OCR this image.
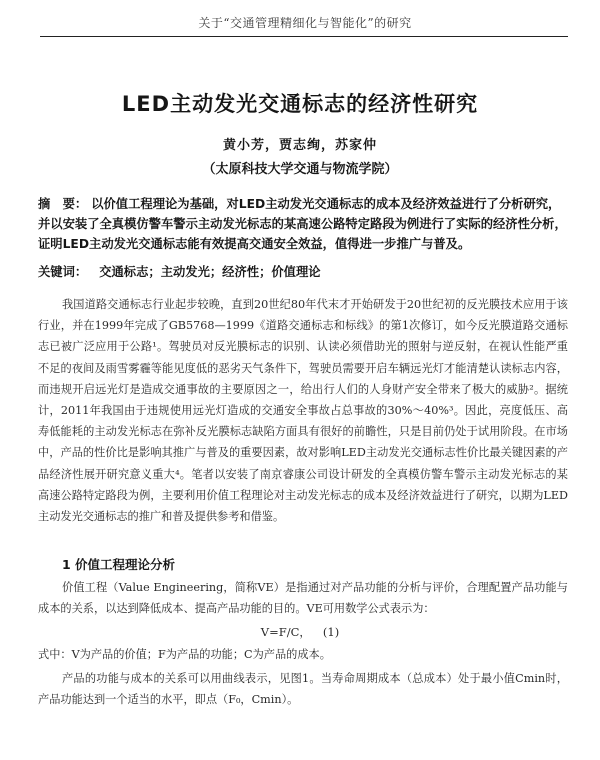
关于“交通管理精细化与智能化”的研究
LED主动发光交通标志的经济性研究
黄小芳，贾志绚，苏家仲
（太原科技大学交通与物流学院）
摘　要： 以价值工程理论为基础，对LED主动发光交通标志的成本及经济效益进行了分析研究，并以安装了全真模仿警车警示主动发光标志的某高速公路特定路段为例进行了实际的经济性分析，证明LED主动发光交通标志能有效提高交通安全效益，值得进一步推广与普及。
关键词： 交通标志；主动发光；经济性；价值理论
我国道路交通标志行业起步较晚，直到20世纪80年代末才开始研发于20世纪初的反光膜技术应用于该行业，并在1999年完成了GB5768—1999《道路交通标志和标线》的第1次修订，如今反光膜道路交通标志已被广泛应用于公路¹。驾驶员对反光膜标志的识别、认读必须借助光的照射与逆反射，在视认性能严重不足的夜间及雨雪雾霾等能见度低的恶劣天气条件下，驾驶员需要开启车辆远光灯才能清楚认读标志内容，而违规开启远光灯是造成交通事故的主要原因之一，给出行人们的人身财产安全带来了极大的威胁²。据统计，2011年我国由于违规使用远光灯造成的交通安全事故占总事故的30%～40%³。因此，亮度低压、高寿低能耗的主动发光标志在弥补反光膜标志缺陷方面具有很好的前瞻性，只是目前仍处于试用阶段。在市场中，产品的性价比是影响其推广与普及的重要因素，故对影响LED主动发光交通标志性价比最关键因素的产品经济性展开研究意义重大⁴。笔者以安装了南京睿康公司设计研发的全真模仿警车警示主动发光标志的某高速公路特定路段为例，主要利用价值工程理论对主动发光标志的成本及经济效益进行了研究，以期为LED主动发光交通标志的推广和普及提供参考和借鉴。
1 价值工程理论分析
价值工程（Value Engineering，简称VE）是指通过对产品功能的分析与评价，合理配置产品功能与成本的关系，以达到降低成本、提高产品功能的目的。VE可用数学公式表示为：
V=F/C， (1)
式中：V为产品的价值；F为产品的功能；C为产品的成本。
产品的功能与成本的关系可以用曲线表示，见图1。当寿命周期成本（总成本）处于最小值Cmin时，产品功能达到一个适当的水平，即点（F₀，Cmin）。
